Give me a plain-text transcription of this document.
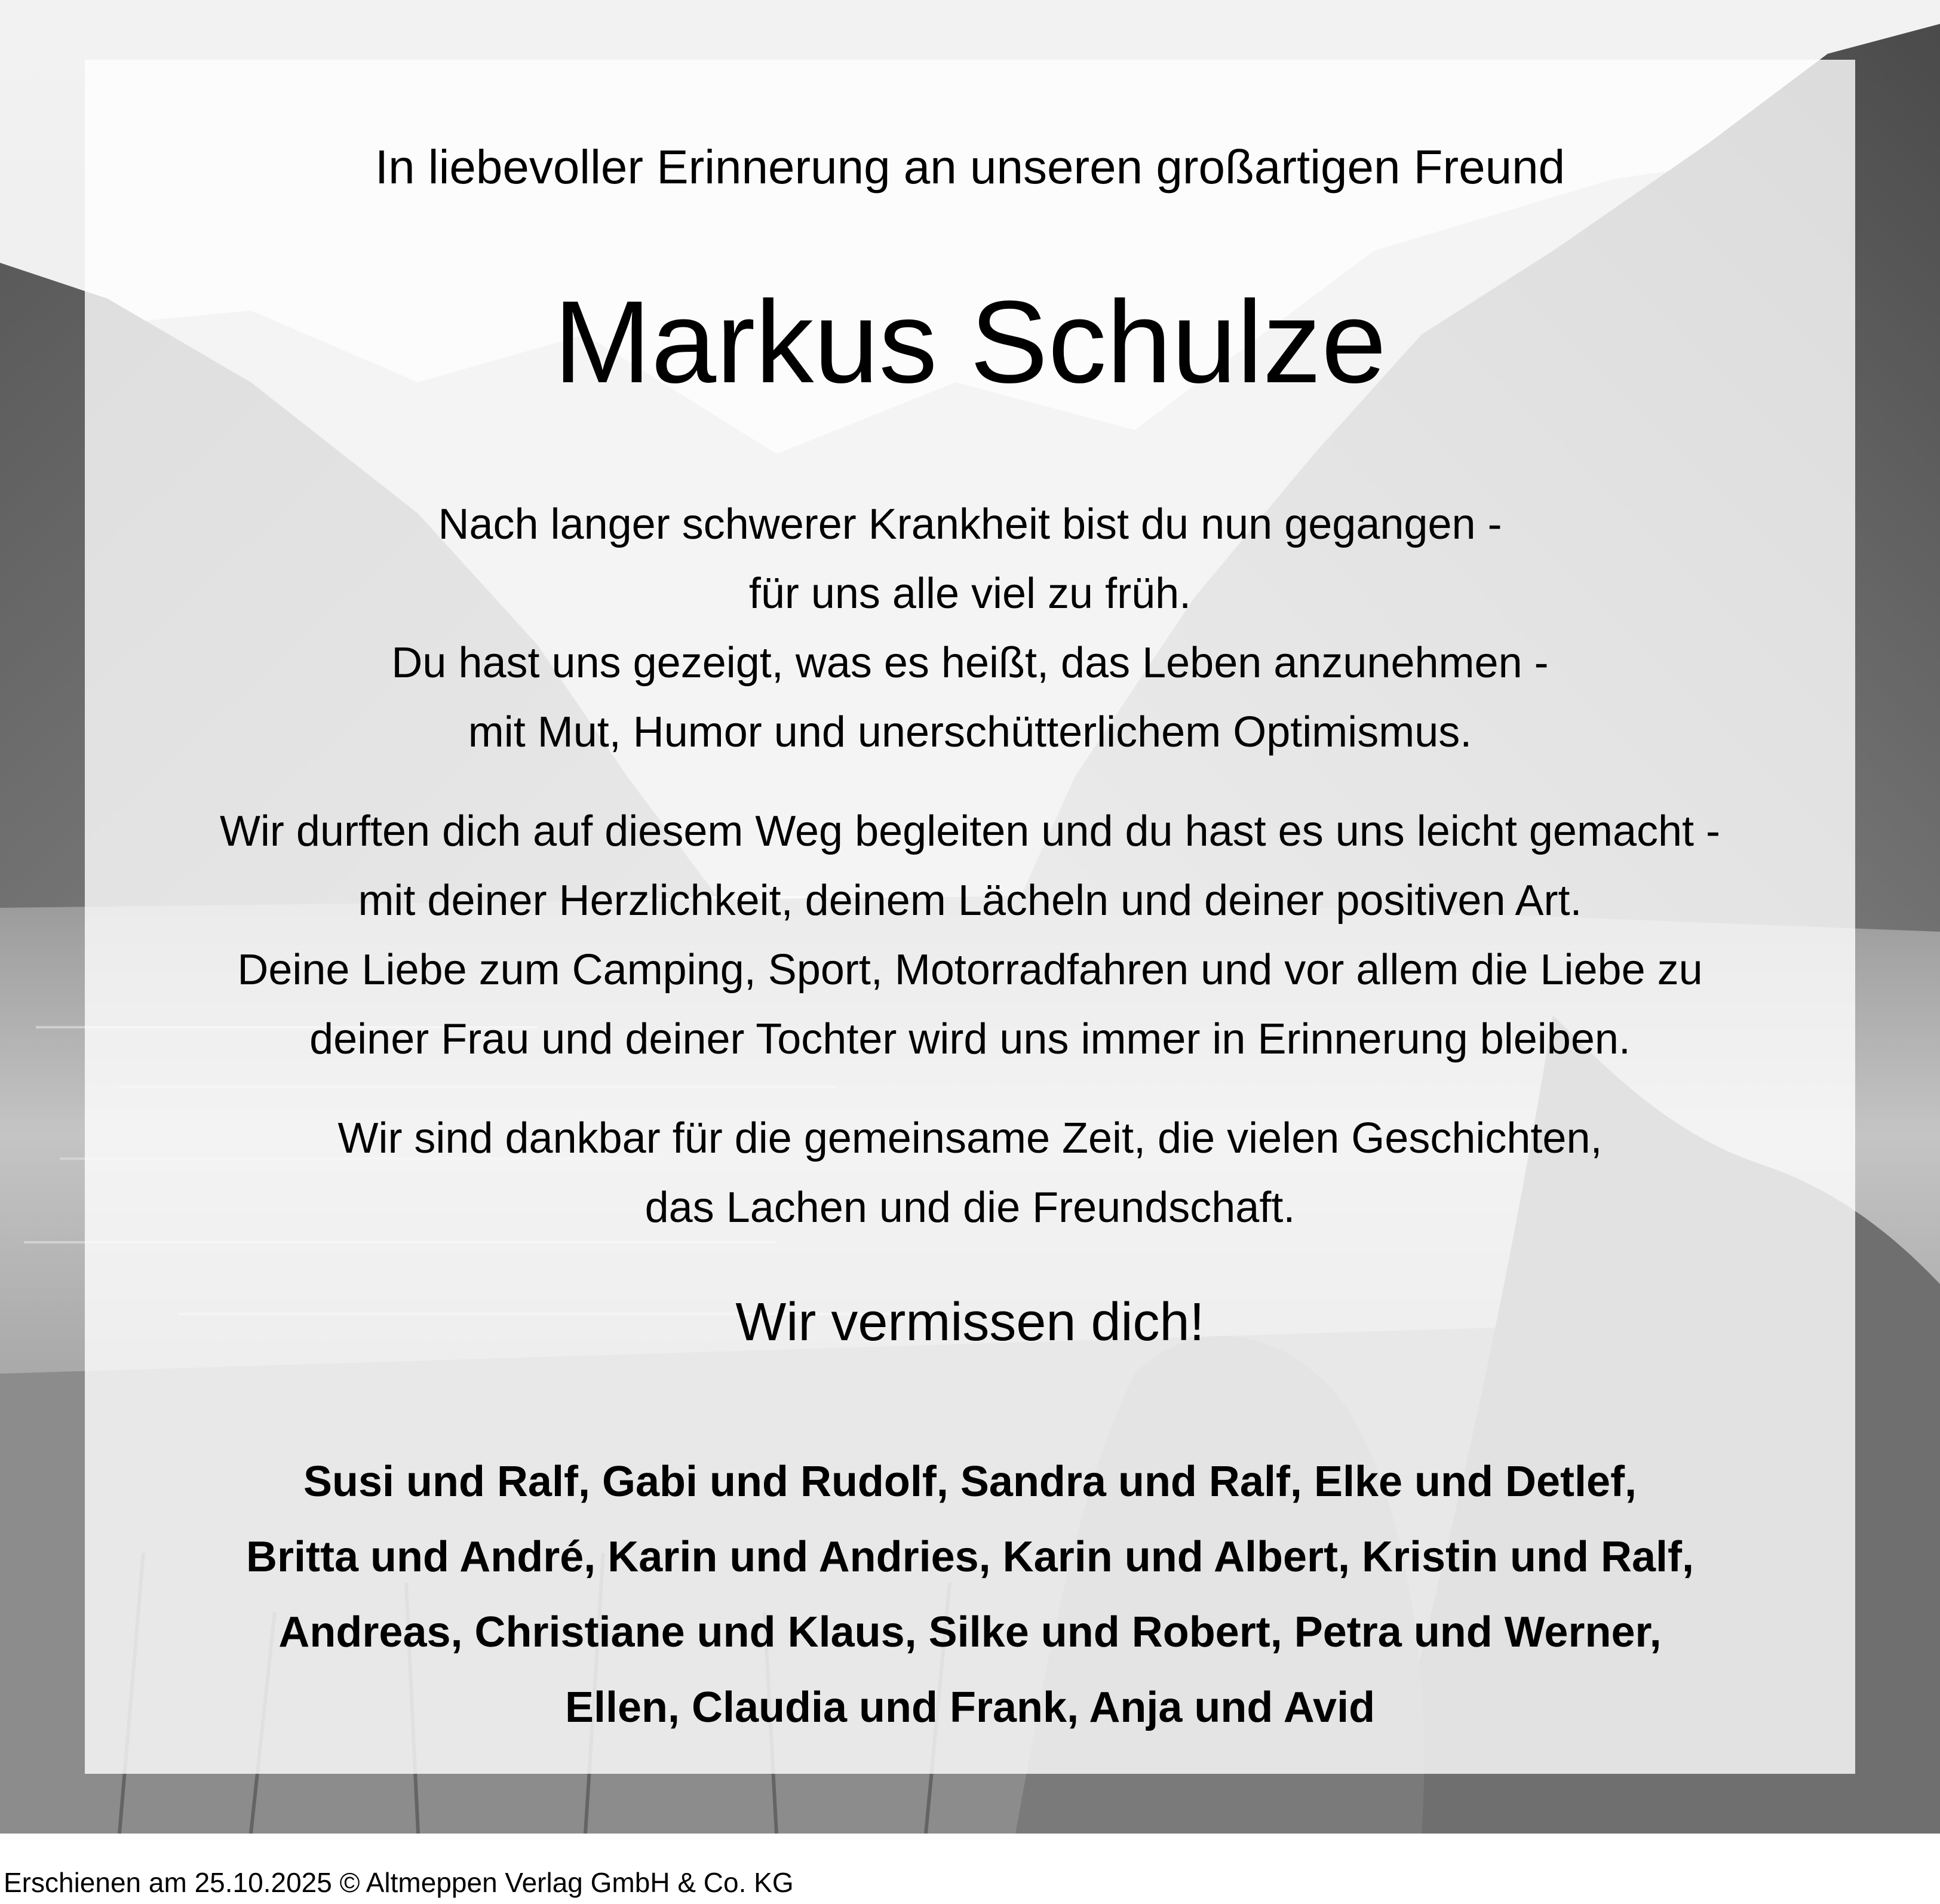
In liebevoller Erinnerung an unseren großartigen Freund
Markus Schulze

Nach langer schwerer Krankheit bist du nun gegangen -
für uns alle viel zu früh.
Du hast uns gezeigt, was es heißt, das Leben anzunehmen -
mit Mut, Humor und unerschütterlichem Optimismus.

Wir durften dich auf diesem Weg begleiten und du hast es uns leicht gemacht -
mit deiner Herzlichkeit, deinem Lächeln und deiner positiven Art.
Deine Liebe zum Camping, Sport, Motorradfahren und vor allem die Liebe zu
deiner Frau und deiner Tochter wird uns immer in Erinnerung bleiben.

Wir sind dankbar für die gemeinsame Zeit, die vielen Geschichten,
das Lachen und die Freundschaft.

Wir vermissen dich!
Susi und Ralf, Gabi und Rudolf, Sandra und Ralf, Elke und Detlef,
Britta und André, Karin und Andries, Karin und Albert, Kristin und Ralf,
Andreas, Christiane und Klaus, Silke und Robert, Petra und Werner,
Ellen, Claudia und Frank, Anja und Avid
Erschienen am 25.10.2025 © Altmeppen Verlag GmbH & Co. KG
